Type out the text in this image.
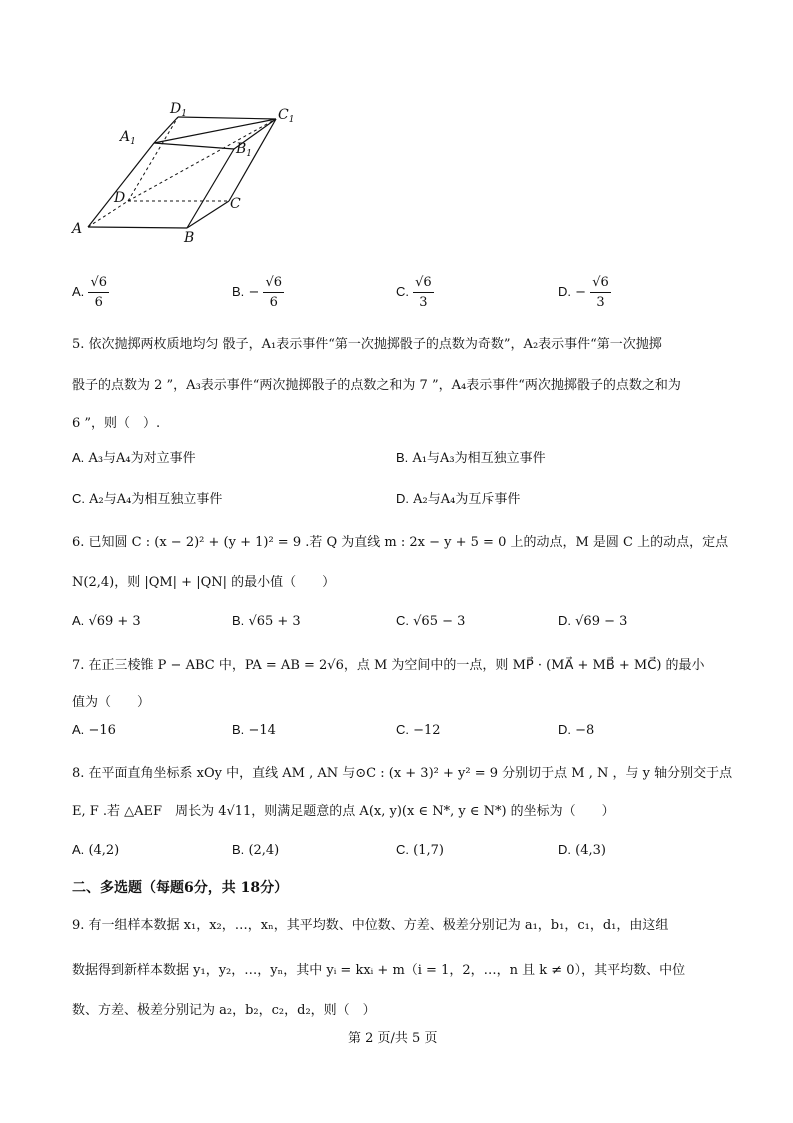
$D_1$	$C_1$
$A_1$	$B_1$
D	C
A
B
A. $\frac{√6}{6}$	B. − $\frac{√6}{6}$	C. $\frac{√6}{3}$	D. − $\frac{√6}{3}$
5. 依次抛掷两枚质地均匀 骰子，A₁表示事件“第一次抛掷骰子的点数为奇数”，A₂表示事件“第一次抛掷
骰子的点数为 2 ”，A₃表示事件“两次抛掷骰子的点数之和为 7 ”，A₄表示事件“两次抛掷骰子的点数之和为
6 ”，则（　）.
A. A₃与A₄为对立事件	B. A₁与A₃为相互独立事件
C. A₂与A₄为相互独立事件	D. A₂与A₄为互斥事件
6. 已知圆 C : (x − 2)² + (y + 1)² = 9 .若 Q 为直线 m : 2x − y + 5 = 0 上的动点，M 是圆 C 上的动点，定点
N(2,4)，则 |QM| + |QN| 的最小值（　　）
A. √69 + 3	B. √65 + 3	C. √65 − 3	D. √69 − 3
7. 在正三棱锥 P − ABC 中，PA = AB = 2√6，点 M 为空间中的一点，则 MP⃗ · (MA⃗ + MB⃗ + MC⃗) 的最小
值为（　　）
A. −16	B. −14	C. −12	D. −8
8. 在平面直角坐标系 xOy 中，直线 AM , AN 与⊙C : (x + 3)² + y² = 9 分别切于点 M , N ，与 y 轴分别交于点
E, F .若 △AEF　周长为 4√11，则满足题意的点 A(x, y)(x ∈ N*, y ∈ N*) 的坐标为（　　）
A. (4,2)	B. (2,4)	C. (1,7)	D. (4,3)
二、多选题（每题6分，共 18分）
9. 有一组样本数据 x₁，x₂，…，xₙ，其平均数、中位数、方差、极差分别记为 a₁，b₁，c₁，d₁，由这组
数据得到新样本数据 y₁，y₂，…，yₙ，其中 yᵢ = kxᵢ + m（i = 1，2，…，n 且 k ≠ 0），其平均数、中位
数、方差、极差分别记为 a₂，b₂，c₂，d₂，则（　）
第 2 页/共 5 页
